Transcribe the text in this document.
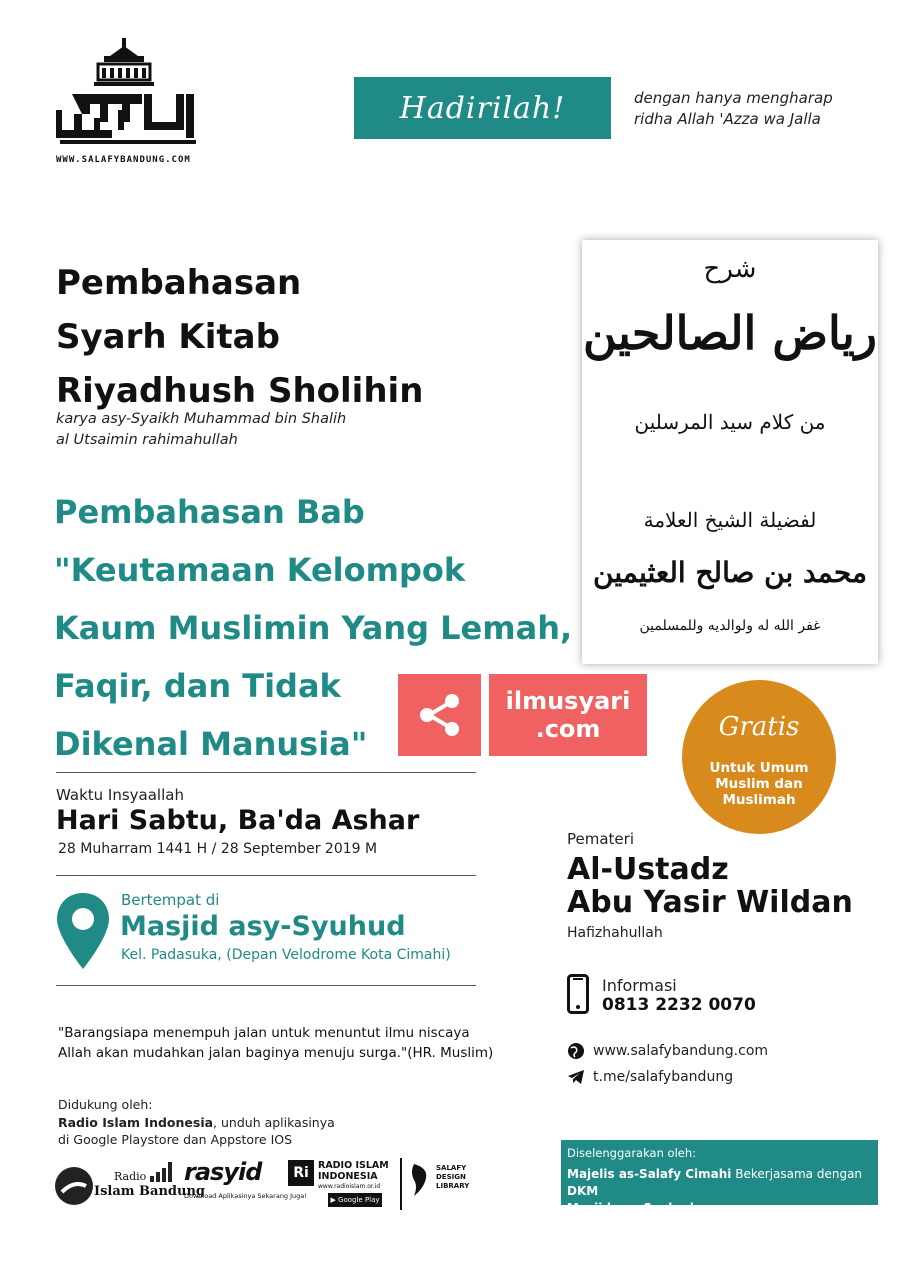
WWW.SALAFYBANDUNG.COM
Hadirilah!	dengan hanya mengharap
ridha Allah 'Azza wa Jalla
Pembahasan
Syarh Kitab
Riyadhush Sholihin
karya asy-Syaikh Muhammad bin Shalih
al Utsaimin rahimahullah
Pembahasan Bab
"Keutamaan Kelompok
Kaum Muslimin Yang Lemah,
Faqir, dan Tidak
Dikenal Manusia"
شرح
رياض الصالحين
من كلام سيد المرسلين
لفضيلة الشيخ العلامة
محمد بن صالح العثيمين
غفر الله له ولوالديه وللمسلمين
ilmusyari
.com	Gratis
Untuk Umum
Muslim dan
Muslimah
Waktu Insyaallah
Hari Sabtu, Ba'da Ashar
28 Muharram 1441 H / 28 September 2019 M
Bertempat di
Masjid asy-Syuhud
Kel. Padasuka, (Depan Velodrome Kota Cimahi)
"Barangsiapa menempuh jalan untuk menuntut ilmu niscaya
Allah akan mudahkan jalan baginya menuju surga."(HR. Muslim)
Pemateri
Al-Ustadz
Abu Yasir Wildan
Hafizhahullah
Informasi
0813 2232 0070
www.salafybandung.com
t.me/salafybandung
Didukung oleh:
Radio Islam Indonesia, unduh aplikasinya
di Google Playstore dan Appstore IOS
Radio
Islam Bandung
rasyid
Download Aplikasinya Sekarang Juga!
Ri RADIO ISLAM
INDONESIA
www.radioislam.or.id
▶ Google Play
SALAFY
DESIGN
LIBRARY
Diselenggarakan oleh:
Majelis as-Salafy Cimahi Bekerjasama dengan DKM
Masjid asy-Syuhud
